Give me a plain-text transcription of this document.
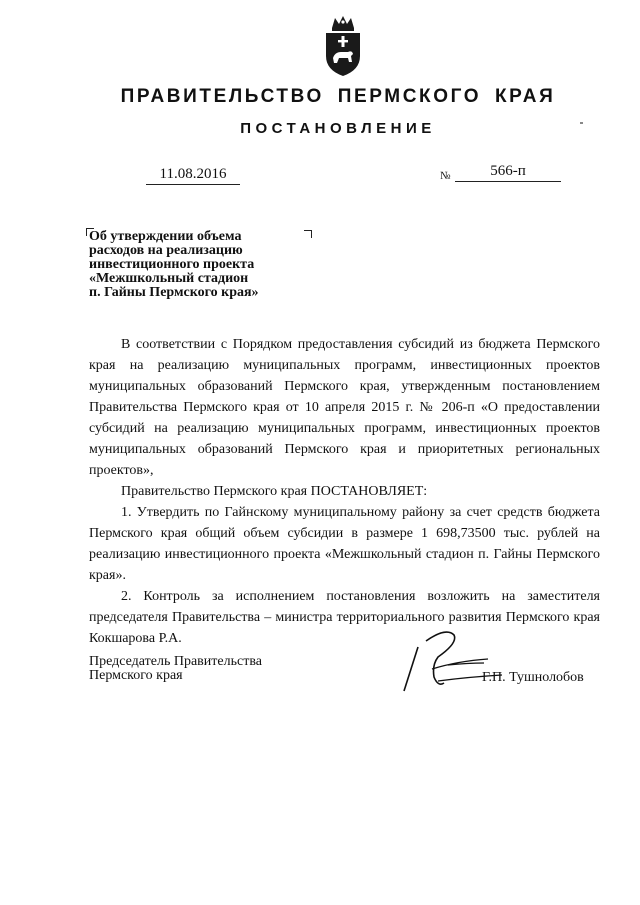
ПРАВИТЕЛЬСТВО ПЕРМСКОГО КРАЯ
ПОСТАНОВЛЕНИЕ
11.08.2016	№	566-п
Об утверждении объема
расходов на реализацию
инвестиционного проекта
«Межшкольный стадион
п. Гайны Пермского края»

В соответствии с Порядком предоставления субсидий из бюджета Пермского края на реализацию муниципальных программ, инвестиционных проектов муниципальных образований Пермского края, утвержденным постановлением Правительства Пермского края от 10 апреля 2015 г. № 206-п «О предоставлении субсидий на реализацию муниципальных программ, инвестиционных проектов муниципальных образований Пермского края и приоритетных региональных проектов»,

Правительство Пермского края ПОСТАНОВЛЯЕТ:

1. Утвердить по Гайнскому муниципальному району за счет средств бюджета Пермского края общий объем субсидии в размере 1 698,73500 тыс. рублей на реализацию инвестиционного проекта «Межшкольный стадион п. Гайны Пермского края».

2. Контроль за исполнением постановления возложить на заместителя председателя Правительства – министра территориального развития Пермского края Кокшарова Р.А.

Председатель Правительства
Пермского края	Г.П. Тушнолобов
